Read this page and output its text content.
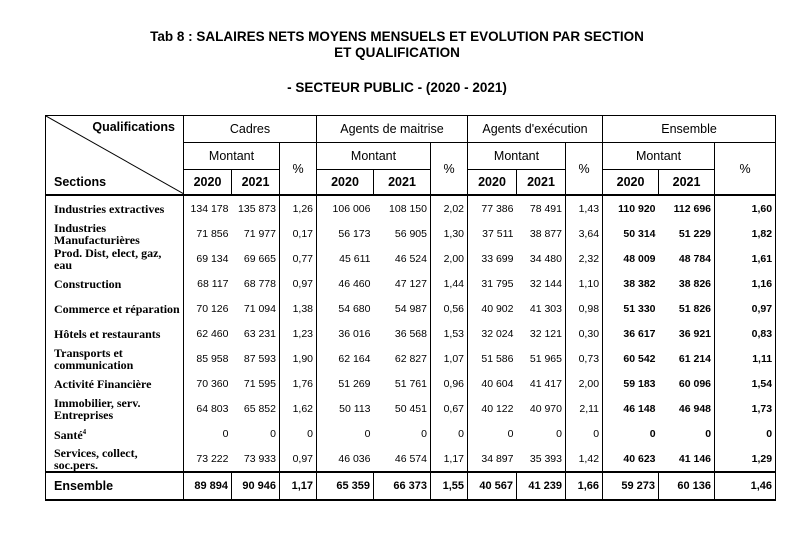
Tab 8 : SALAIRES NETS MOYENS MENSUELS ET EVOLUTION PAR SECTION
ET QUALIFICATION
- SECTEUR PUBLIC - (2020 - 2021)
Qualifications
Sections	Cadres			Agents de maitrise			Agents d'exécution			Ensemble		
	Montant		%	Montant		%	Montant		%	Montant		%
	2020	2021		2020	2021		2020	2021		2020	2021	
Industries extractives	134 178	135 873	1,26	106 006	108 150	2,02	77 386	78 491	1,43	110 920	112 696	1,60
Industries Manufacturières	71 856	71 977	0,17	56 173	56 905	1,30	37 511	38 877	3,64	50 314	51 229	1,82
Prod. Dist, elect, gaz, eau	69 134	69 665	0,77	45 611	46 524	2,00	33 699	34 480	2,32	48 009	48 784	1,61
Construction	68 117	68 778	0,97	46 460	47 127	1,44	31 795	32 144	1,10	38 382	38 826	1,16
Commerce et réparation	70 126	71 094	1,38	54 680	54 987	0,56	40 902	41 303	0,98	51 330	51 826	0,97
Hôtels et restaurants	62 460	63 231	1,23	36 016	36 568	1,53	32 024	32 121	0,30	36 617	36 921	0,83
Transports et communication	85 958	87 593	1,90	62 164	62 827	1,07	51 586	51 965	0,73	60 542	61 214	1,11
Activité Financière	70 360	71 595	1,76	51 269	51 761	0,96	40 604	41 417	2,00	59 183	60 096	1,54
Immobilier, serv. Entreprises	64 803	65 852	1,62	50 113	50 451	0,67	40 122	40 970	2,11	46 148	46 948	1,73
Santé$^4$	0	0	0	0	0	0	0	0	0	0	0	0
Services, collect, soc.pers.	73 222	73 933	0,97	46 036	46 574	1,17	34 897	35 393	1,42	40 623	41 146	1,29
Ensemble	89 894	90 946	1,17	65 359	66 373	1,55	40 567	41 239	1,66	59 273	60 136	1,46
